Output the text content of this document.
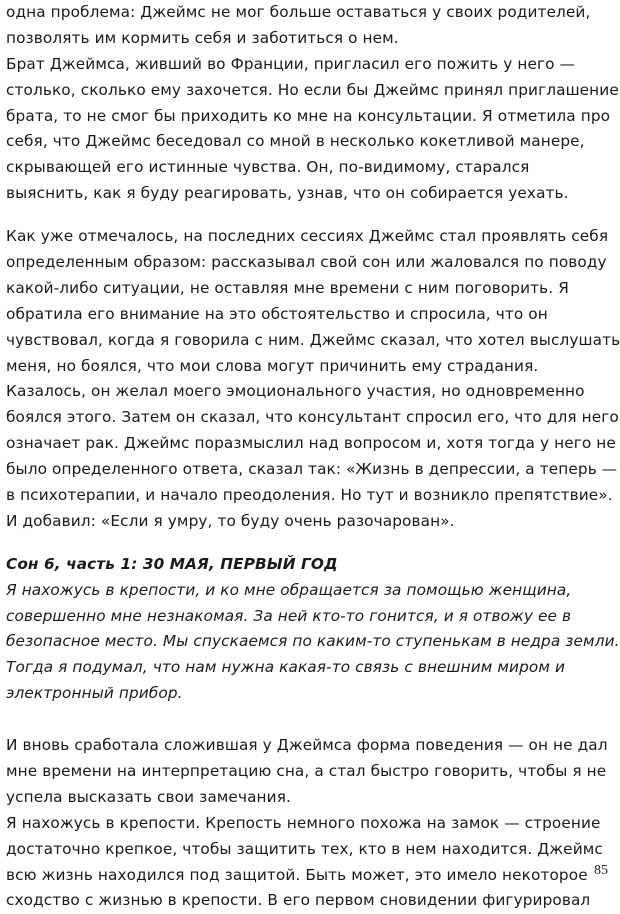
одна проблема: Джеймс не мог больше оставаться у своих родителей,
позволять им кормить себя и заботиться о нем.
Брат Джеймса, живший во Франции, пригласил его пожить у него —
столько, сколько ему захочется. Но если бы Джеймс принял приглашение
брата, то не смог бы приходить ко мне на консультации. Я отметила про
себя, что Джеймс беседовал со мной в несколько кокетливой манере,
скрывающей его истинные чувства. Он, по-видимому, старался
выяснить, как я буду реагировать, узнав, что он собирается уехать.
Как уже отмечалось, на последних сессиях Джеймс стал проявлять себя
определенным образом: рассказывал свой сон или жаловался по поводу
какой-либо ситуации, не оставляя мне времени с ним поговорить. Я
обратила его внимание на это обстоятельство и спросила, что он
чувствовал, когда я говорила с ним. Джеймс сказал, что хотел выслушать
меня, но боялся, что мои слова могут причинить ему страдания.
Казалось, он желал моего эмоционального участия, но одновременно
боялся этого. Затем он сказал, что консультант спросил его, что для него
означает рак. Джеймс поразмыслил над вопросом и, хотя тогда у него не
было определенного ответа, сказал так: «Жизнь в депрессии, а теперь —
в психотерапии, и начало преодоления. Но тут и возникло препятствие».
И добавил: «Если я умру, то буду очень разочарован».
Сон 6, часть 1: 30 МАЯ, ПЕРВЫЙ ГОД
Я нахожусь в крепости, и ко мне обращается за помощью женщина,
совершенно мне незнакомая. За ней кто-то гонится, и я отвожу ее в
безопасное место. Мы спускаемся по каким-то ступенькам в недра земли.
Тогда я подумал, что нам нужна какая-то связь с внешним миром и
электронный прибор.
И вновь сработала сложившая у Джеймса форма поведения — он не дал
мне времени на интерпретацию сна, а стал быстро говорить, чтобы я не
успела высказать свои замечания.
Я нахожусь в крепости. Крепость немного похожа на замок — строение
достаточно крепкое, чтобы защитить тех, кто в нем находится. Джеймс
всю жизнь находился под защитой. Быть может, это имело некоторое
сходство с жизнью в крепости. В его первом сновидении фигурировал
85
